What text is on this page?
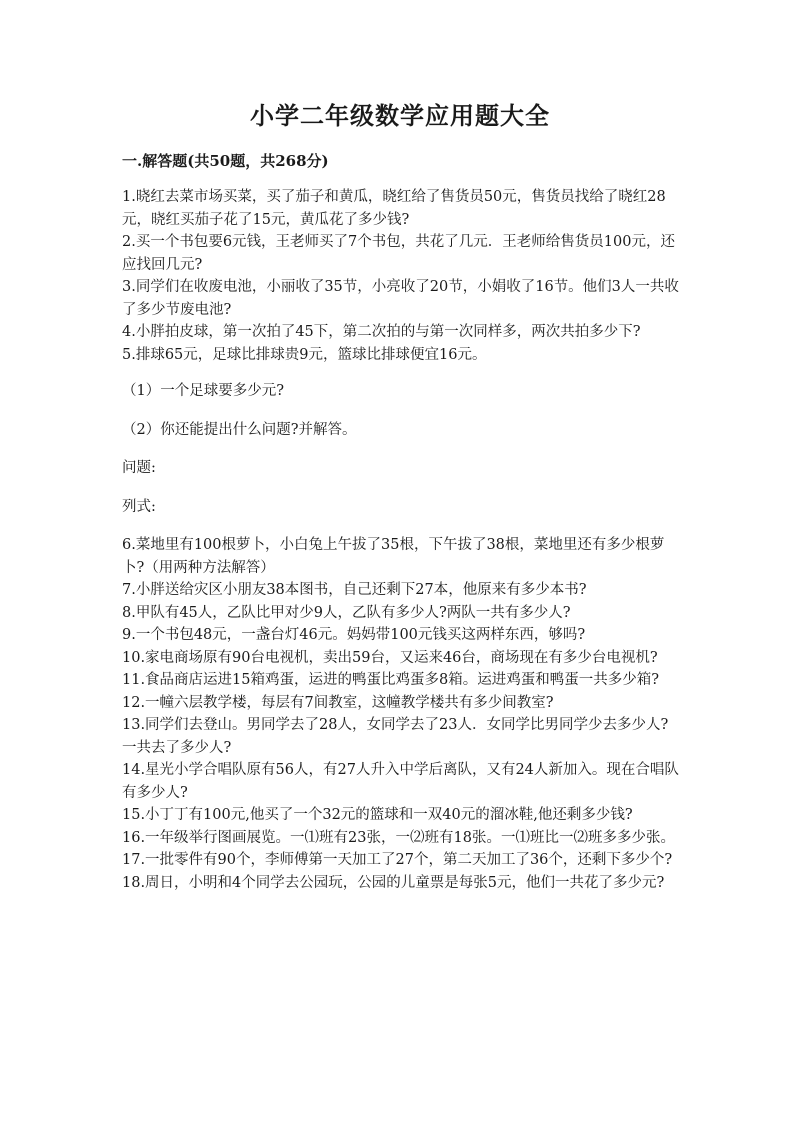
小学二年级数学应用题大全
一.解答题(共50题，共268分)

1.晓红去菜市场买菜，买了茄子和黄瓜，晓红给了售货员50元，售货员找给了晓红28元，晓红买茄子花了15元，黄瓜花了多少钱?

2.买一个书包要6元钱，王老师买了7个书包，共花了几元．王老师给售货员100元，还应找回几元?

3.同学们在收废电池，小丽收了35节，小亮收了20节，小娟收了16节。他们3人一共收了多少节废电池?

4.小胖拍皮球，第一次拍了45下，第二次拍的与第一次同样多，两次共拍多少下?

5.排球65元，足球比排球贵9元，篮球比排球便宜16元。

（1）一个足球要多少元?

（2）你还能提出什么问题?并解答。

问题:

列式:

6.菜地里有100根萝卜，小白兔上午拔了35根，下午拔了38根，菜地里还有多少根萝卜?（用两种方法解答）

7.小胖送给灾区小朋友38本图书，自己还剩下27本，他原来有多少本书?

8.甲队有45人，乙队比甲对少9人，乙队有多少人?两队一共有多少人?

9.一个书包48元，一盏台灯46元。妈妈带100元钱买这两样东西，够吗?

10.家电商场原有90台电视机，卖出59台，又运来46台，商场现在有多少台电视机?

11.食品商店运进15箱鸡蛋，运进的鸭蛋比鸡蛋多8箱。运进鸡蛋和鸭蛋一共多少箱?

12.一幢六层教学楼，每层有7间教室，这幢教学楼共有多少间教室?

13.同学们去登山。男同学去了28人，女同学去了23人．女同学比男同学少去多少人?一共去了多少人?

14.星光小学合唱队原有56人，有27人升入中学后离队，又有24人新加入。现在合唱队有多少人?

15.小丁丁有100元,他买了一个32元的篮球和一双40元的溜冰鞋,他还剩多少钱?

16.一年级举行图画展览。一⑴班有23张，一⑵班有18张。一⑴班比一⑵班多多少张。

17.一批零件有90个，李师傅第一天加工了27个，第二天加工了36个，还剩下多少个?

18.周日，小明和4个同学去公园玩，公园的儿童票是每张5元，他们一共花了多少元?
